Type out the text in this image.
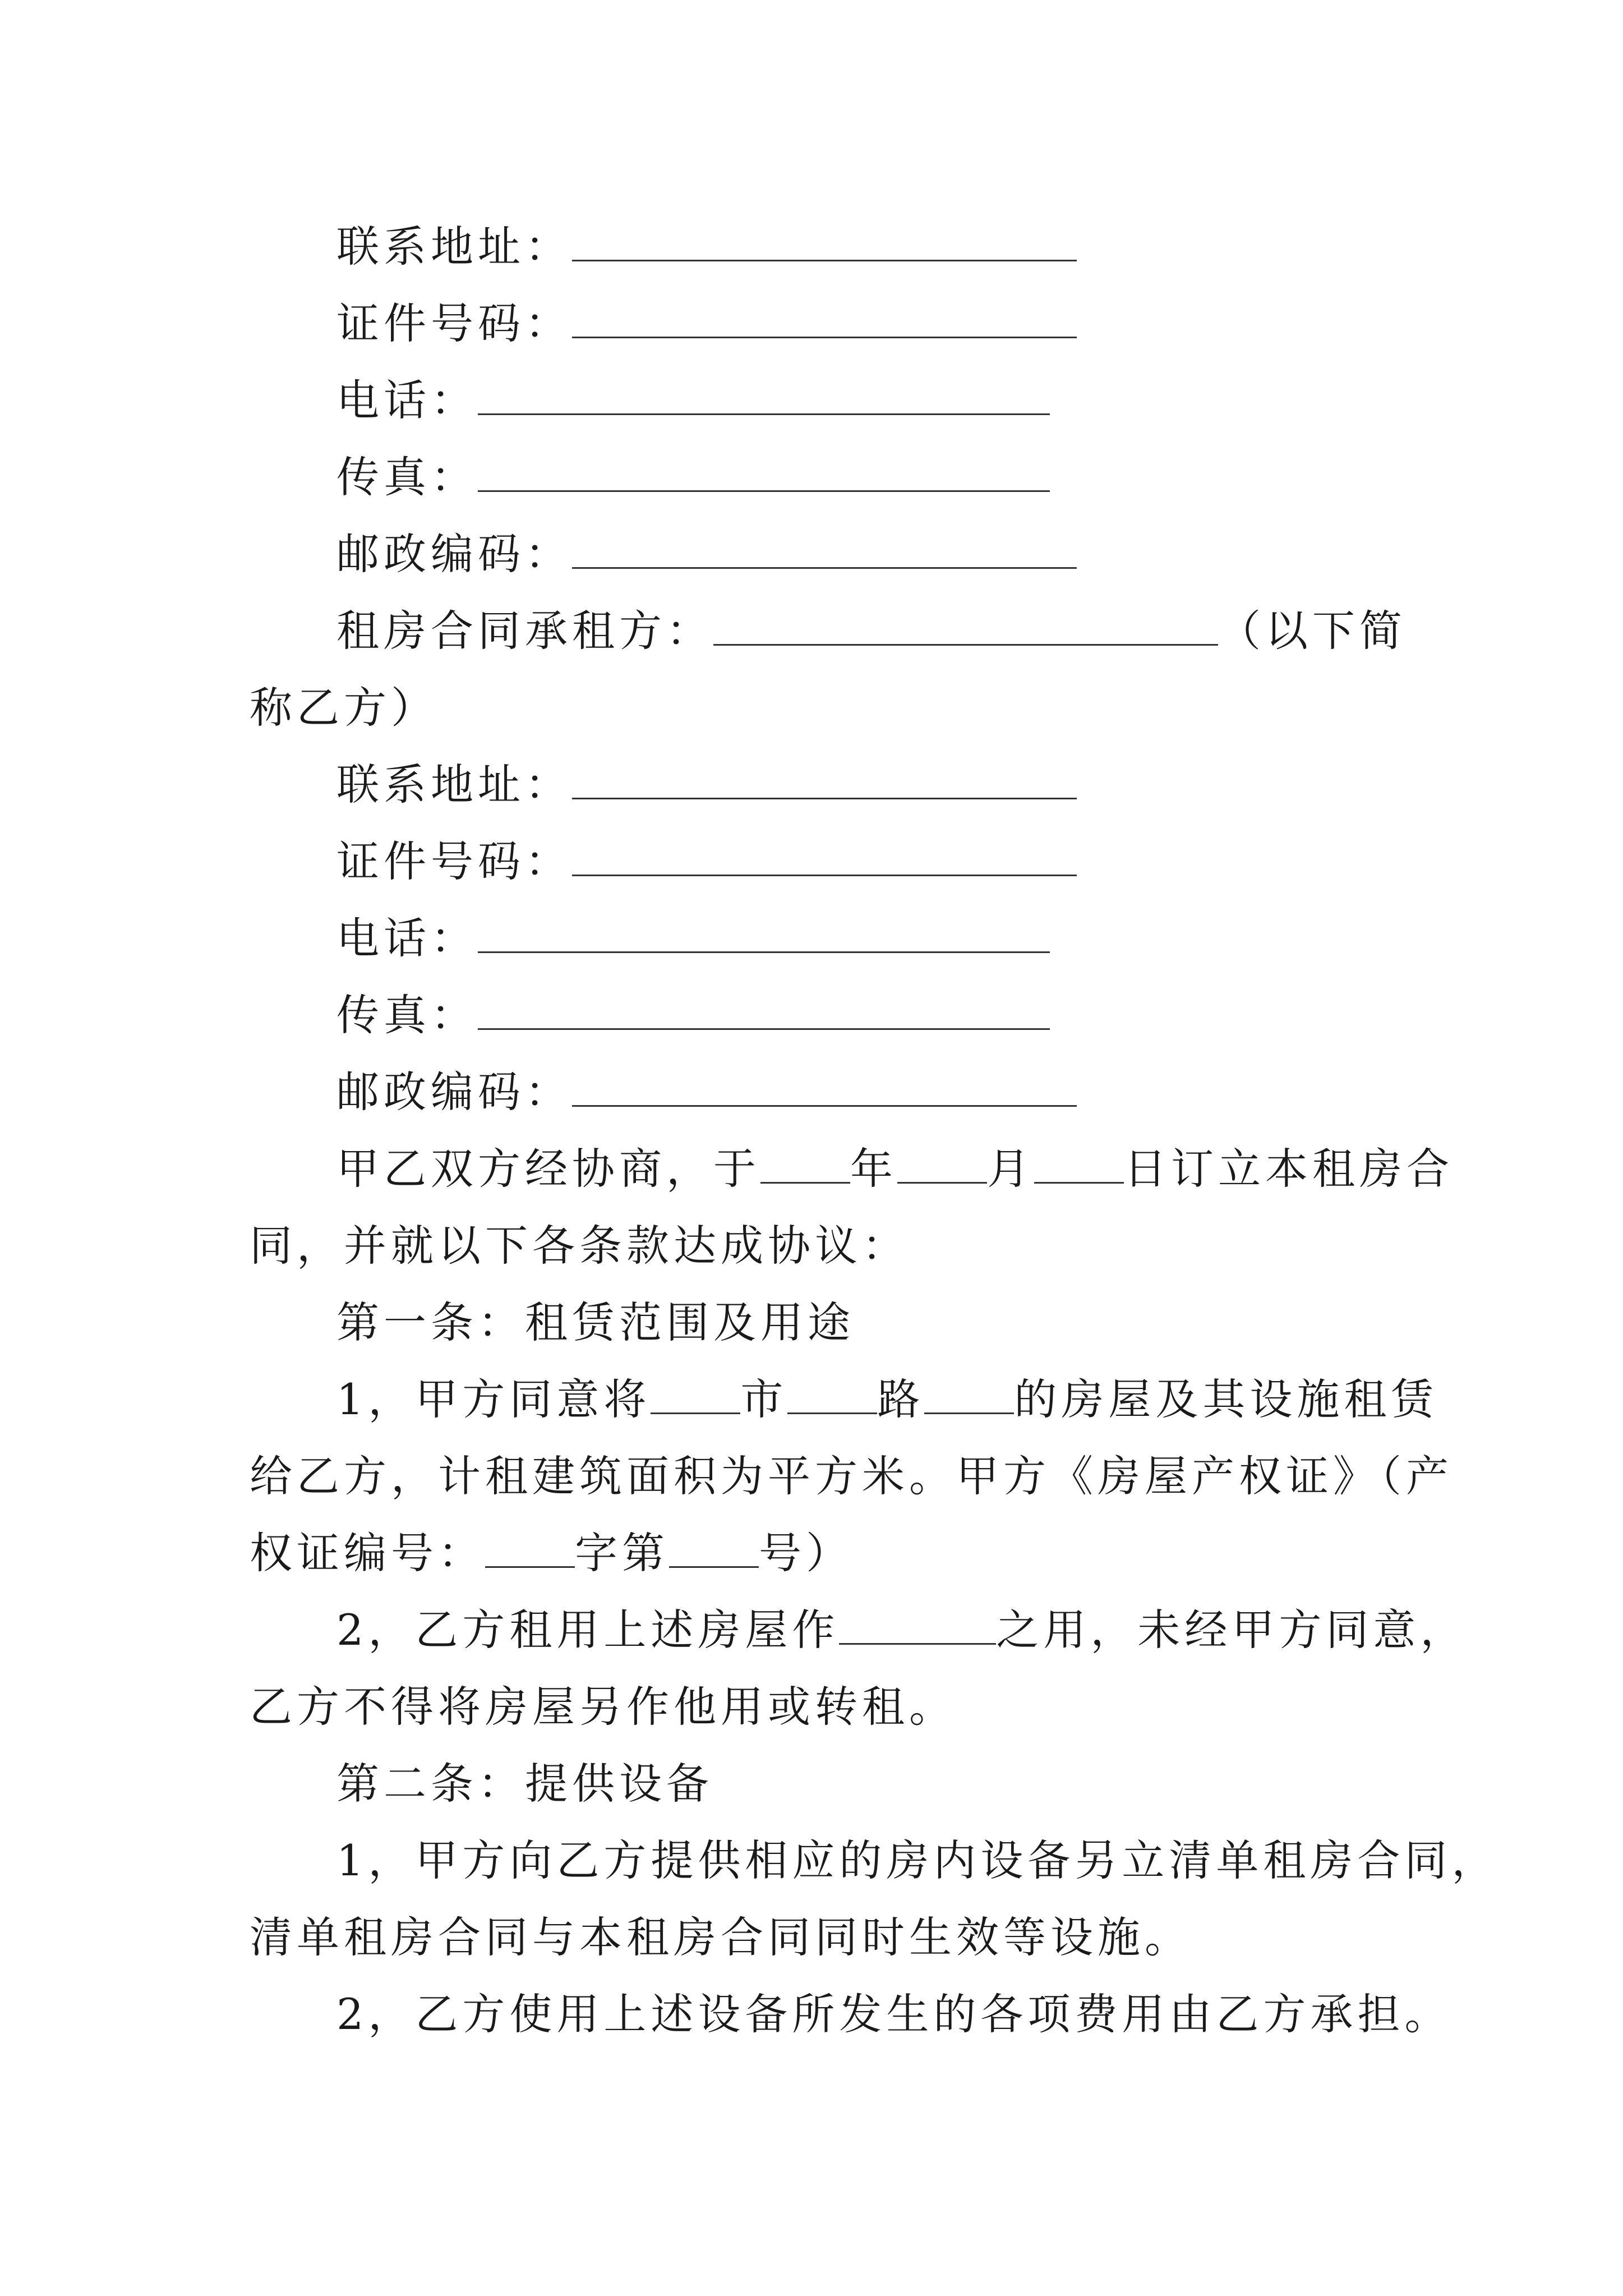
联系地址：
证件号码：
电话：
传真：
邮政编码：
租房合同承租方：	（以下简
称乙方）
联系地址：
证件号码：
电话：
传真：
邮政编码：
甲乙双方经协商，于 年 月 日订立本租房合
同，并就以下各条款达成协议：
第一条：租赁范围及用途
1，甲方同意将 市 路 的房屋及其设施租赁
给乙方，计租建筑面积为平方米。甲方《房屋产权证》（产
权证编号： 字第 号）
2，乙方租用上述房屋作	之用，未经甲方同意，
乙方不得将房屋另作他用或转租。
第二条：提供设备
1，甲方向乙方提供相应的房内设备另立清单租房合同，
清单租房合同与本租房合同同时生效等设施。
2，乙方使用上述设备所发生的各项费用由乙方承担。
